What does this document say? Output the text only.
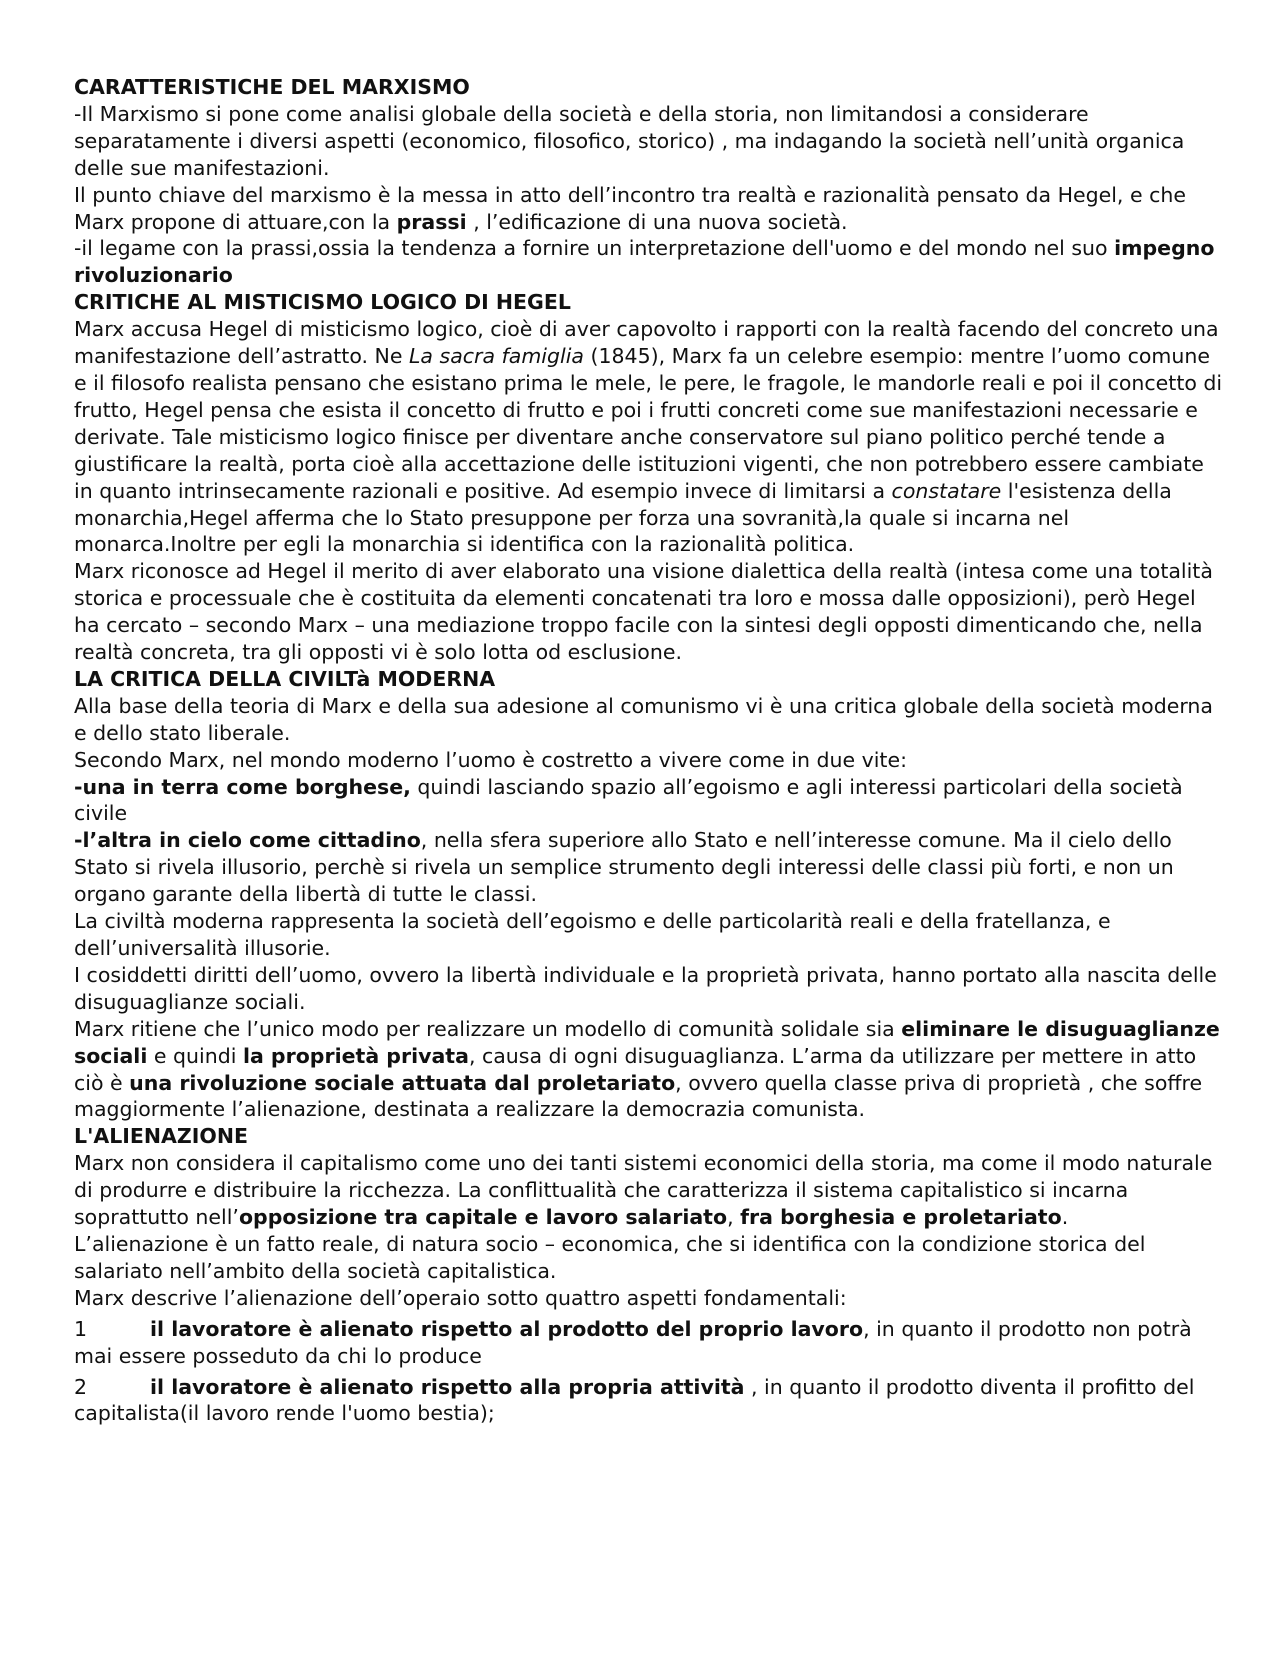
CARATTERISTICHE DEL MARXISMO

-Il Marxismo si pone come analisi globale della società e della storia, non limitandosi a considerare separatamente i diversi aspetti (economico, filosofico, storico) , ma indagando la società nell’unità organica delle sue manifestazioni.

Il punto chiave del marxismo è la messa in atto dell’incontro tra realtà e razionalità pensato da Hegel, e che Marx propone di attuare,con la prassi , l’edificazione di una nuova società.

-il legame con la prassi,ossia la tendenza a fornire un interpretazione dell'uomo e del mondo nel suo impegno rivoluzionario

CRITICHE AL MISTICISMO LOGICO DI HEGEL

Marx accusa Hegel di misticismo logico, cioè di aver capovolto i rapporti con la realtà facendo del concreto una manifestazione dell’astratto. Ne La sacra famiglia (1845), Marx fa un celebre esempio: mentre l’uomo comune e il filosofo realista pensano che esistano prima le mele, le pere, le fragole, le mandorle reali e poi il concetto di frutto, Hegel pensa che esista il concetto di frutto e poi i frutti concreti come sue manifestazioni necessarie e derivate. Tale misticismo logico finisce per diventare anche conservatore sul piano politico perché tende a giustificare la realtà, porta cioè alla accettazione delle istituzioni vigenti, che non potrebbero essere cambiate in quanto intrinsecamente razionali e positive. Ad esempio invece di limitarsi a constatare l'esistenza della monarchia,Hegel afferma che lo Stato presuppone per forza una sovranità,la quale si incarna nel monarca.Inoltre per egli la monarchia si identifica con la razionalità politica.

Marx riconosce ad Hegel il merito di aver elaborato una visione dialettica della realtà (intesa come una totalità storica e processuale che è costituita da elementi concatenati tra loro e mossa dalle opposizioni), però Hegel ha cercato – secondo Marx – una mediazione troppo facile con la sintesi degli opposti dimenticando che, nella realtà concreta, tra gli opposti vi è solo lotta od esclusione.

LA CRITICA DELLA CIVILTà MODERNA

Alla base della teoria di Marx e della sua adesione al comunismo vi è una critica globale della società moderna e dello stato liberale.

Secondo Marx, nel mondo moderno l’uomo è costretto a vivere come in due vite:

-una in terra come borghese, quindi lasciando spazio all’egoismo e agli interessi particolari della società civile

-l’altra in cielo come cittadino, nella sfera superiore allo Stato e nell’interesse comune. Ma il cielo dello Stato si rivela illusorio, perchè si rivela un semplice strumento degli interessi delle classi più forti, e non un organo garante della libertà di tutte le classi.

La civiltà moderna rappresenta la società dell’egoismo e delle particolarità reali e della fratellanza, e dell’universalità illusorie.

I cosiddetti diritti dell’uomo, ovvero la libertà individuale e la proprietà privata, hanno portato alla nascita delle disuguaglianze sociali.

Marx ritiene che l’unico modo per realizzare un modello di comunità solidale sia eliminare le disuguaglianze sociali e quindi la proprietà privata, causa di ogni disuguaglianza. L’arma da utilizzare per mettere in atto ciò è una rivoluzione sociale attuata dal proletariato, ovvero quella classe priva di proprietà , che soffre maggiormente l’alienazione, destinata a realizzare la democrazia comunista.

L'ALIENAZIONE

Marx non considera il capitalismo come uno dei tanti sistemi economici della storia, ma come il modo naturale di produrre e distribuire la ricchezza. La conflittualità che caratterizza il sistema capitalistico si incarna soprattutto nell’opposizione tra capitale e lavoro salariato, fra borghesia e proletariato.

L’alienazione è un fatto reale, di natura socio – economica, che si identifica con la condizione storica del salariato nell’ambito della società capitalistica.

Marx descrive l’alienazione dell’operaio sotto quattro aspetti fondamentali:

1	il lavoratore è alienato rispetto al prodotto del proprio lavoro, in quanto il prodotto non potrà mai essere posseduto da chi lo produce

2	il lavoratore è alienato rispetto alla propria attività , in quanto il prodotto diventa il profitto del capitalista(il lavoro rende l'uomo bestia);
